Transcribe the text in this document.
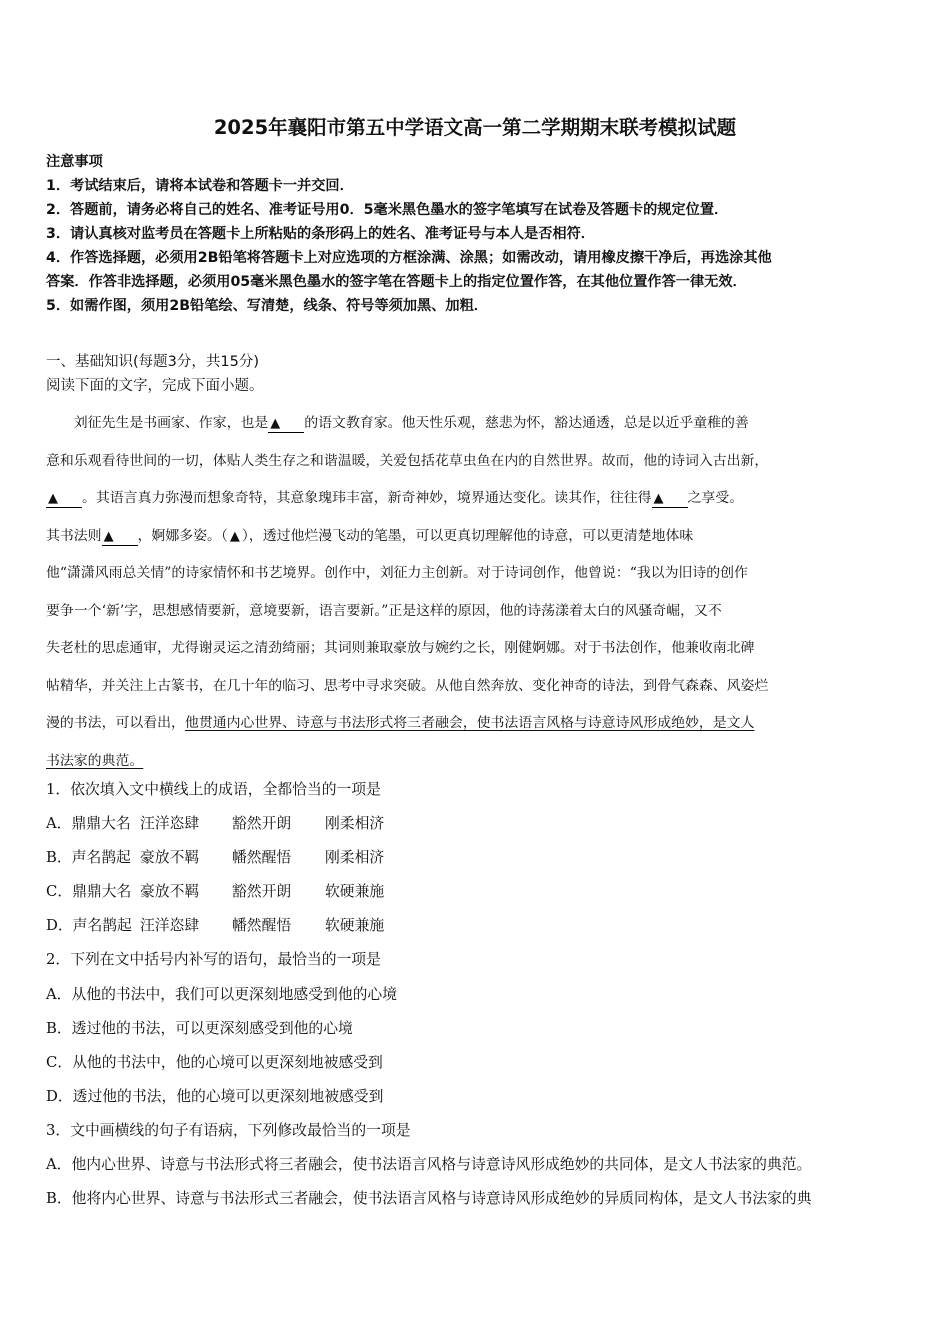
2025年襄阳市第五中学语文高一第二学期期末联考模拟试题

注意事项

1．考试结束后，请将本试卷和答题卡一并交回．

2．答题前，请务必将自己的姓名、准考证号用0．5毫米黑色墨水的签字笔填写在试卷及答题卡的规定位置．

3．请认真核对监考员在答题卡上所粘贴的条形码上的姓名、准考证号与本人是否相符．

4．作答选择题，必须用2B铅笔将答题卡上对应选项的方框涂满、涂黑；如需改动，请用橡皮擦干净后，再选涂其他

答案．作答非选择题，必须用05毫米黑色墨水的签字笔在答题卡上的指定位置作答，在其他位置作答一律无效．

5．如需作图，须用2B铅笔绘、写清楚，线条、符号等须加黑、加粗．

一、基础知识(每题3分，共15分)

阅读下面的文字，完成下面小题。

  刘征先生是书画家、作家，也是 ▲ 的语文教育家。他天性乐观，慈悲为怀，豁达通透，总是以近乎童稚的善

意和乐观看待世间的一切，体贴人类生存之和谐温暖，关爱包括花草虫鱼在内的自然世界。故而，他的诗词入古出新，

▲ 。其语言真力弥漫而想象奇特，其意象瑰玮丰富，新奇神妙，境界通达变化。读其作，往往得 ▲ 之享受。

其书法则 ▲ ，婀娜多姿。（ ▲ ），透过他烂漫飞动的笔墨，可以更真切理解他的诗意，可以更清楚地体味

他“潇潇风雨总关情”的诗家情怀和书艺境界。创作中，刘征力主创新。对于诗词创作，他曾说：“我以为旧诗的创作

要争一个‘新’字，思想感情要新，意境要新，语言要新。”正是这样的原因，他的诗荡漾着太白的风骚奇崛，又不

失老杜的思虑通审，尤得谢灵运之清劲绮丽；其词则兼取豪放与婉约之长，刚健婀娜。对于书法创作，他兼收南北碑

帖精华，并关注上古篆书，在几十年的临习、思考中寻求突破。从他自然奔放、变化神奇的诗法，到骨气森森、风姿烂

漫的书法，可以看出，他贯通内心世界、诗意与书法形式将三者融会，使书法语言风格与诗意诗风形成绝妙，是文人

书法家的典范。

1．依次填入文中横线上的成语，全都恰当的一项是

A．鼎鼎大名 汪洋恣肆 豁然开朗 刚柔相济

B．声名鹊起 豪放不羁 幡然醒悟 刚柔相济

C．鼎鼎大名 豪放不羁 豁然开朗 软硬兼施

D．声名鹊起 汪洋恣肆 幡然醒悟 软硬兼施

2．下列在文中括号内补写的语句，最恰当的一项是

A．从他的书法中，我们可以更深刻地感受到他的心境

B．透过他的书法，可以更深刻感受到他的心境

C．从他的书法中，他的心境可以更深刻地被感受到

D．透过他的书法，他的心境可以更深刻地被感受到

3．文中画横线的句子有语病，下列修改最恰当的一项是

A．他内心世界、诗意与书法形式将三者融会，使书法语言风格与诗意诗风形成绝妙的共同体，是文人书法家的典范。

B．他将内心世界、诗意与书法形式三者融会，使书法语言风格与诗意诗风形成绝妙的异质同构体，是文人书法家的典
